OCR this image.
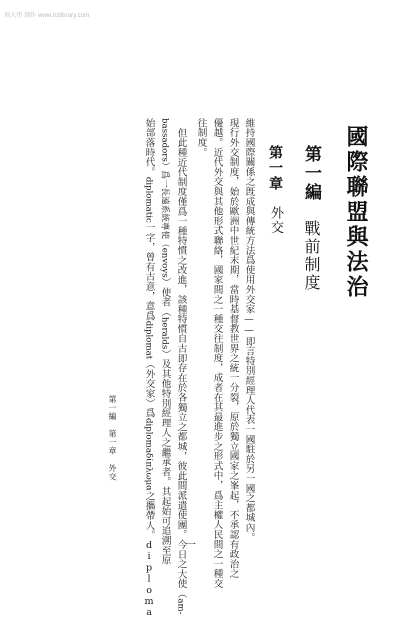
刘大伟 制作 www.hzlibrary.com
國際聯盟與法治
第一編　戰前制度
第一章　外交
維持國際關係之旣成與傳統方法爲使用外交家——即言特別經理人代表一國駐於另一國之都城內。
現行外交制度，始於歐洲中世紀末期，當時基督教世界之統一分裂，原於獨立國家之峯起，不承認有政治之
優越。近代外交與其他形式聯絡，國家間之一種交往制度，成者在其最進步之形式中，爲主權人民間之一種交
往制度。
但此種近代制度僅爲一種特慣之改進，該種特慣自古即存在於各獨立之都城，彼此間派遣使團。今日之大使（am-
bassadors）爲一長遠系統專使（envoys）使者（heralds）及其他特別經理人之繼承者。其起始可追溯至原
始部落時代。diplomatic一字，曾有古意，意爲diplomat（外交家）爲diplomaδίπλωμα之攜帶人。diploma
第一編　第一章　外交
一
